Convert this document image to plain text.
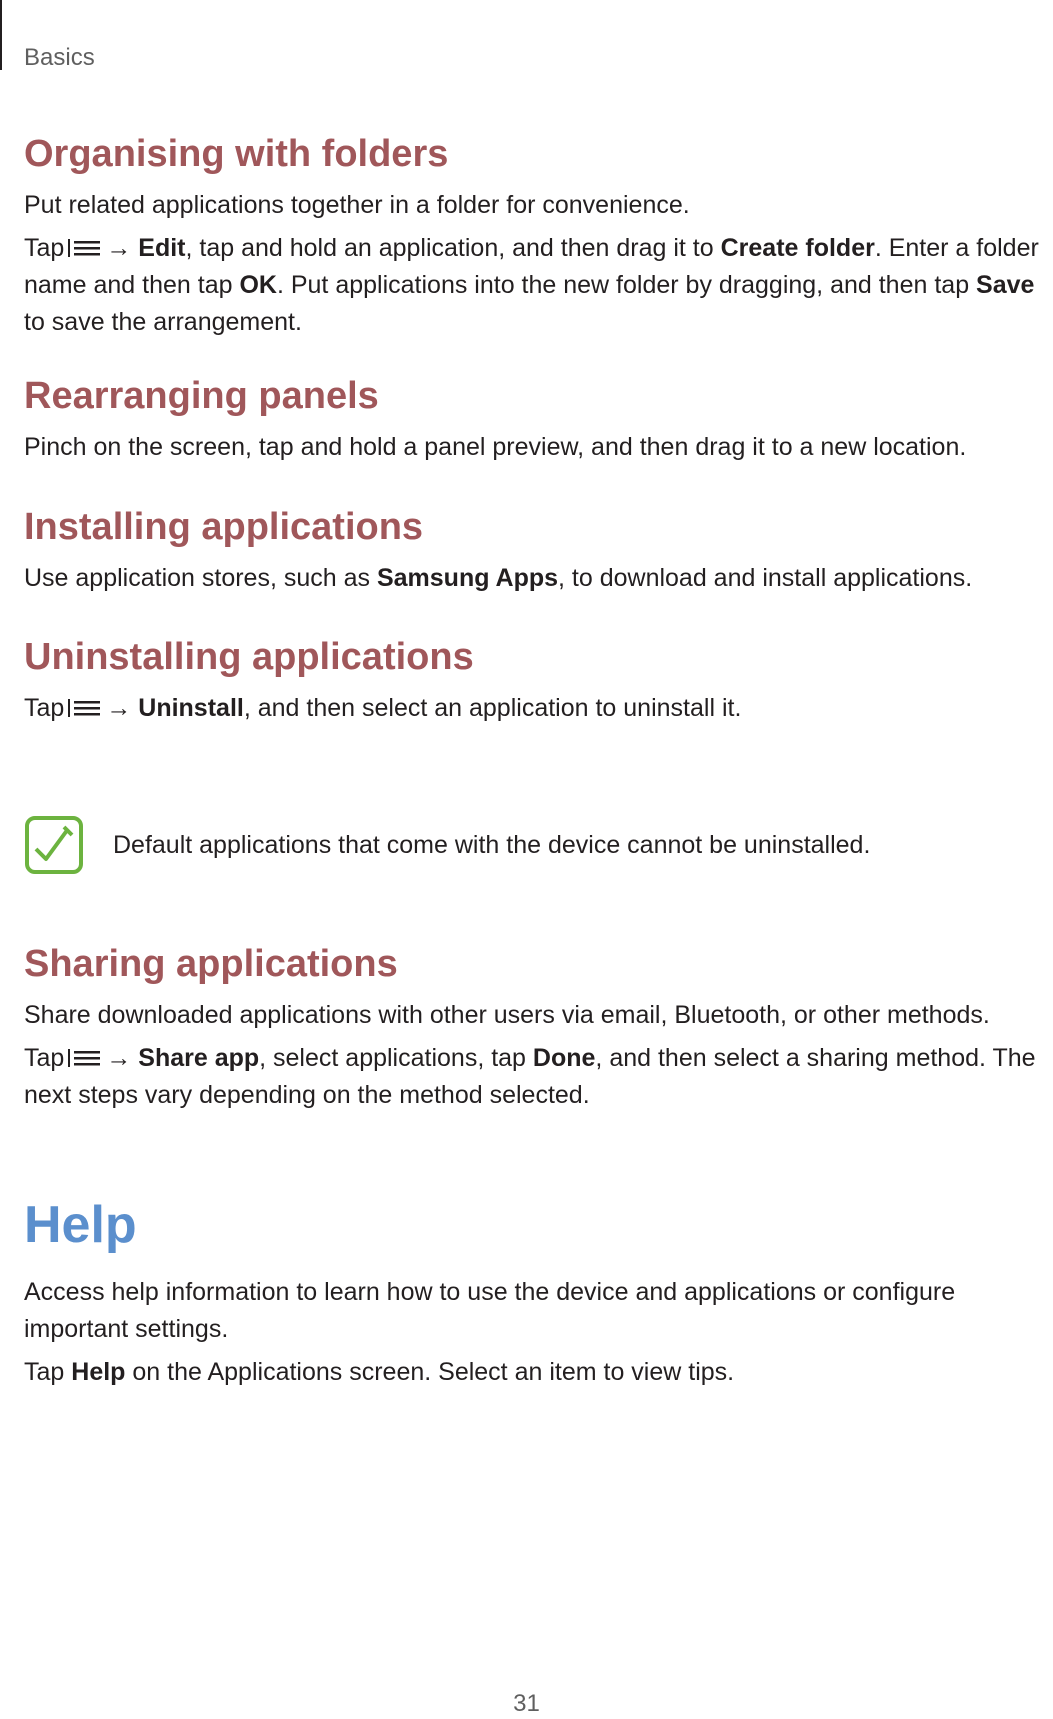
Basics
Organising with folders

Put related applications together in a folder for convenience.

Tap → Edit, tap and hold an application, and then drag it to Create folder. Enter a folder name and then tap OK. Put applications into the new folder by dragging, and then tap Save to save the arrangement.

Rearranging panels

Pinch on the screen, tap and hold a panel preview, and then drag it to a new location.

Installing applications

Use application stores, such as Samsung Apps, to download and install applications.

Uninstalling applications

Tap → Uninstall, and then select an application to uninstall it.

Default applications that come with the device cannot be uninstalled.
Sharing applications

Share downloaded applications with other users via email, Bluetooth, or other methods.

Tap → Share app, select applications, tap Done, and then select a sharing method. The next steps vary depending on the method selected.

Help

Access help information to learn how to use the device and applications or configure important settings.

Tap Help on the Applications screen. Select an item to view tips.

31
